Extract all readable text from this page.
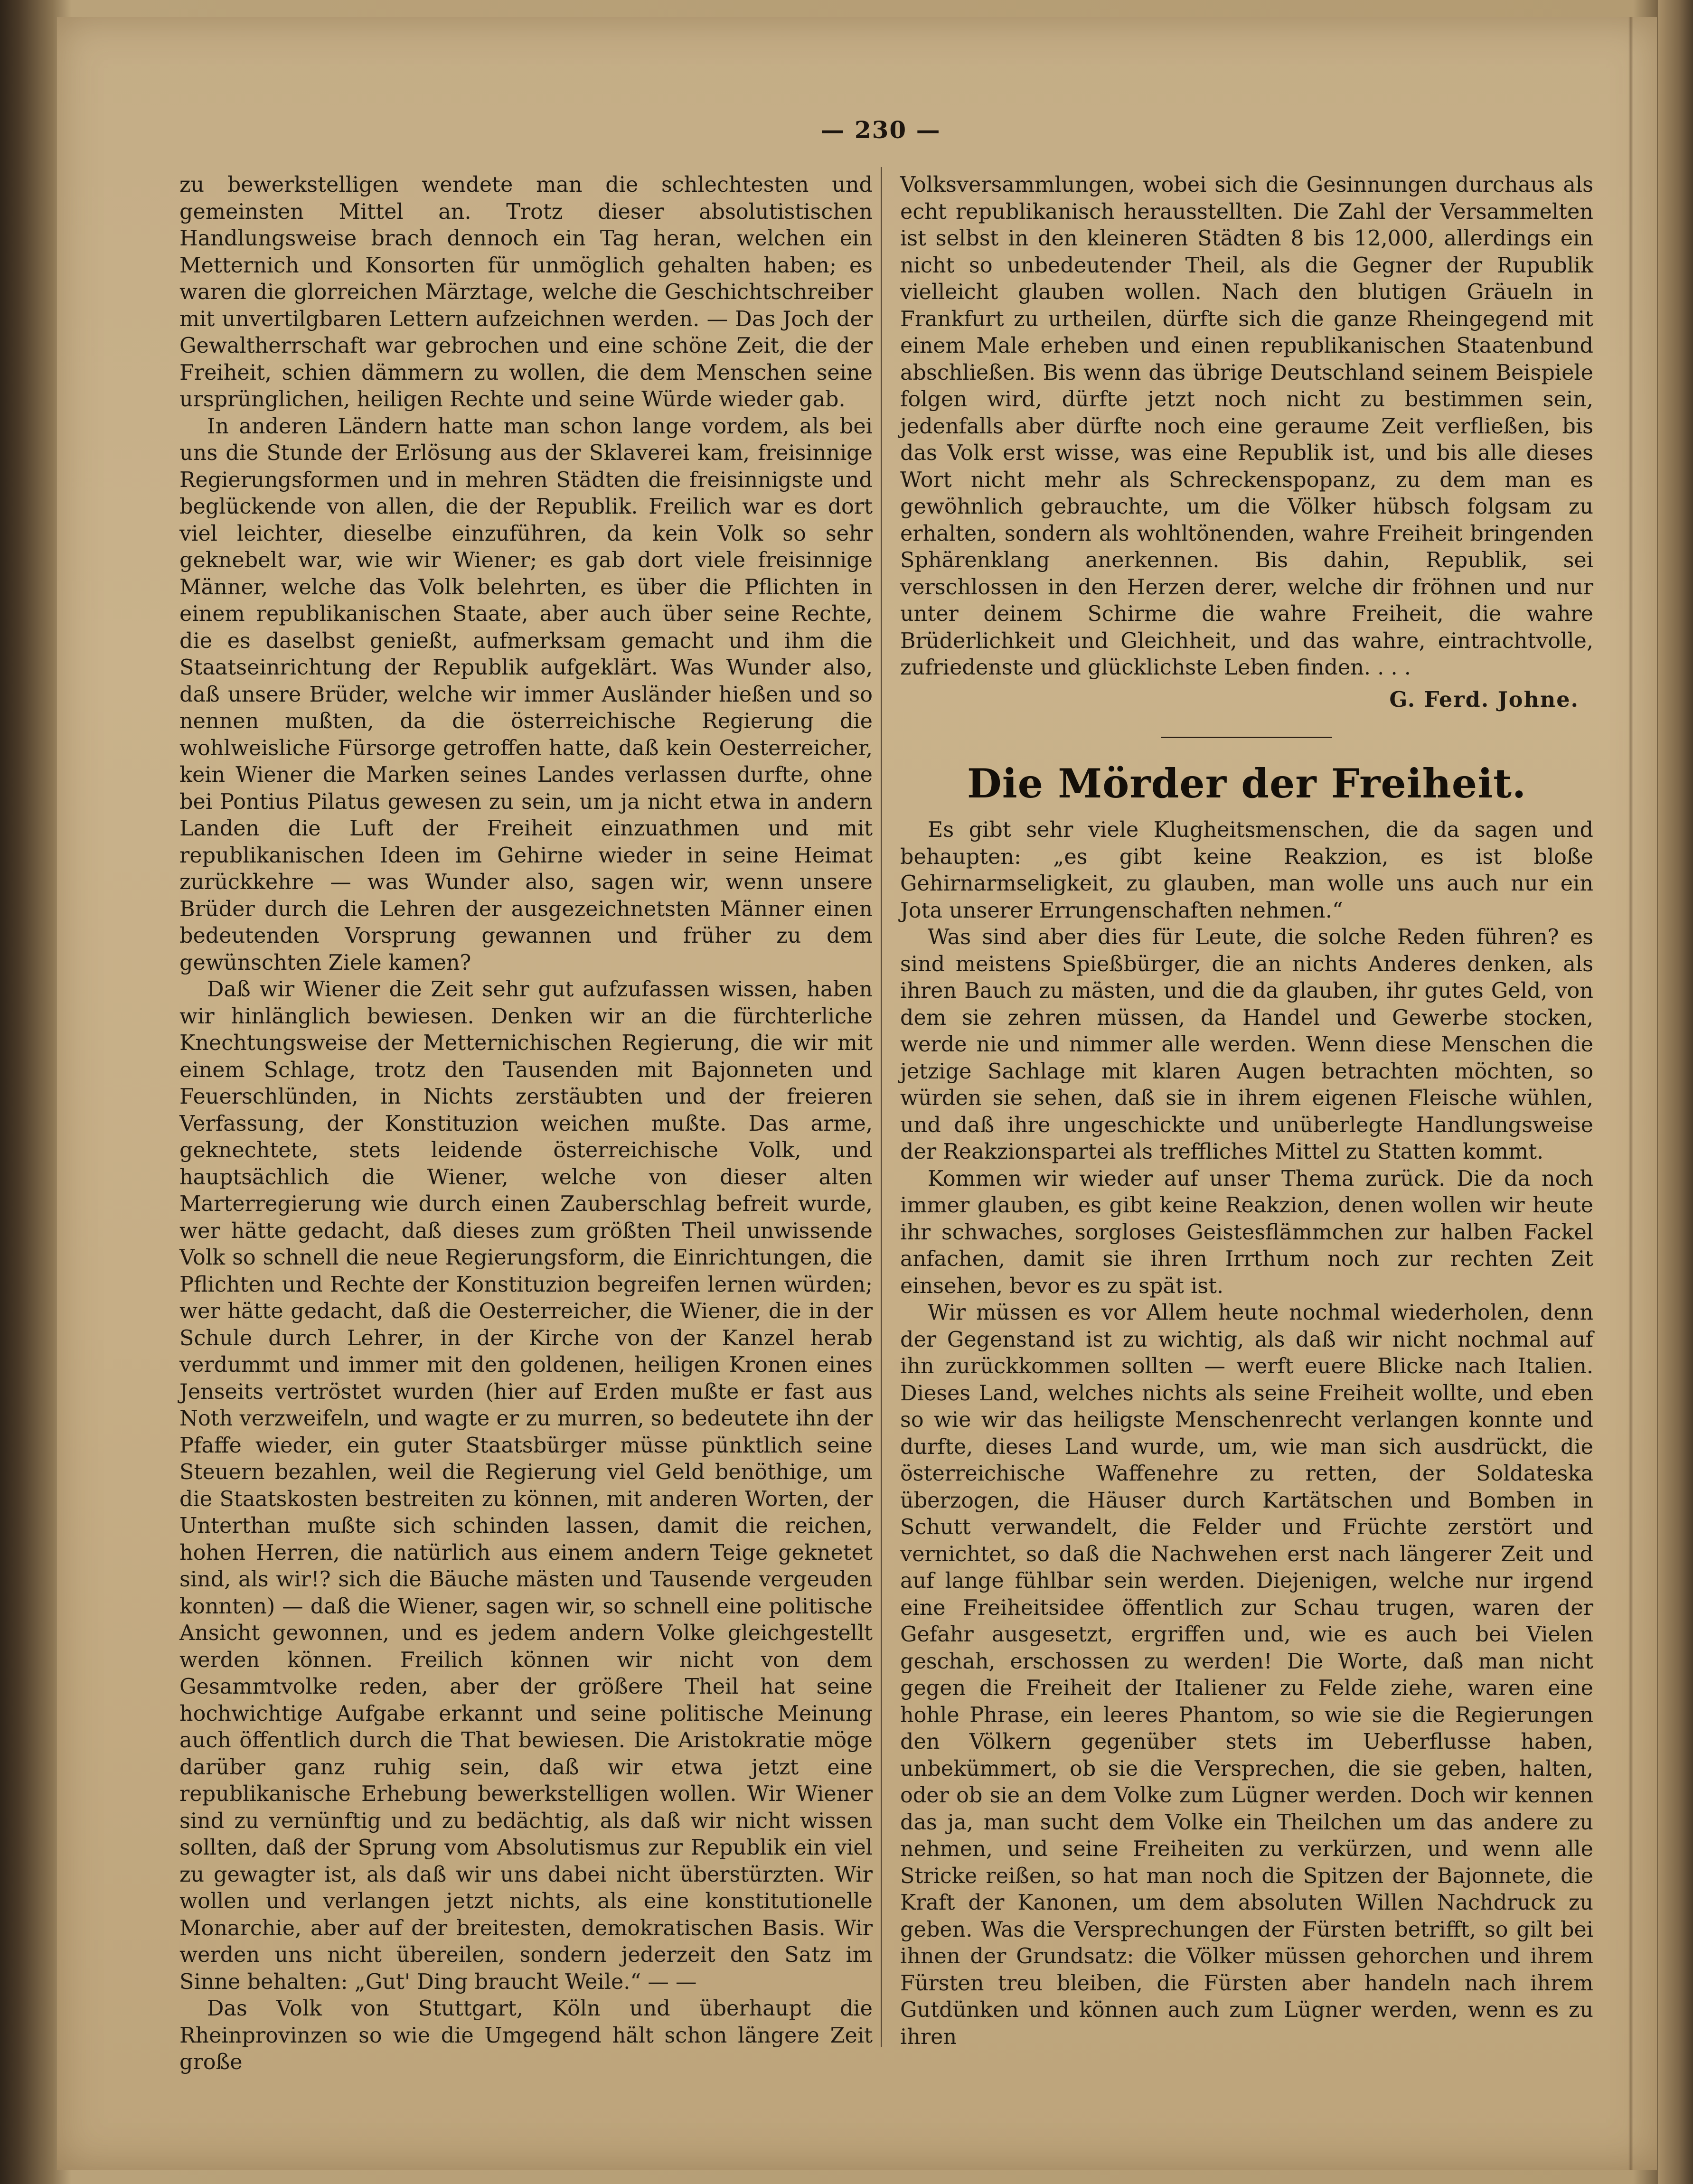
— 230 —

zu bewerkstelligen wendete man die schlechtesten und gemeinsten Mittel an. Trotz dieser absolutistischen Handlungsweise brach dennoch ein Tag heran, welchen ein Metternich und Konsorten für unmöglich gehalten haben; es waren die glorreichen Märztage, welche die Geschichtschreiber mit unvertilgbaren Lettern aufzeichnen werden. — Das Joch der Gewaltherrschaft war gebrochen und eine schöne Zeit, die der Freiheit, schien dämmern zu wollen, die dem Menschen seine ursprünglichen, heiligen Rechte und seine Würde wieder gab.

In anderen Ländern hatte man schon lange vordem, als bei uns die Stunde der Erlösung aus der Sklaverei kam, freisinnige Regierungsformen und in mehren Städten die freisinnigste und beglückende von allen, die der Republik. Freilich war es dort viel leichter, dieselbe einzuführen, da kein Volk so sehr geknebelt war, wie wir Wiener; es gab dort viele freisinnige Männer, welche das Volk belehrten, es über die Pflichten in einem republikanischen Staate, aber auch über seine Rechte, die es daselbst genießt, aufmerksam gemacht und ihm die Staatseinrichtung der Republik aufgeklärt. Was Wunder also, daß unsere Brüder, welche wir immer Ausländer hießen und so nennen mußten, da die österreichische Regierung die wohlweisliche Fürsorge getroffen hatte, daß kein Oesterreicher, kein Wiener die Marken seines Landes verlassen durfte, ohne bei Pontius Pilatus gewesen zu sein, um ja nicht etwa in andern Landen die Luft der Freiheit einzuathmen und mit republikanischen Ideen im Gehirne wieder in seine Heimat zurückkehre — was Wunder also, sagen wir, wenn unsere Brüder durch die Lehren der ausgezeichnetsten Männer einen bedeutenden Vorsprung gewannen und früher zu dem gewünschten Ziele kamen?

Daß wir Wiener die Zeit sehr gut aufzufassen wissen, haben wir hinlänglich bewiesen. Denken wir an die fürchterliche Knechtungsweise der Metternichischen Regierung, die wir mit einem Schlage, trotz den Tausenden mit Bajonneten und Feuerschlünden, in Nichts zerstäubten und der freieren Verfassung, der Konstituzion weichen mußte. Das arme, geknechtete, stets leidende österreichische Volk, und hauptsächlich die Wiener, welche von dieser alten Marterregierung wie durch einen Zauberschlag befreit wurde, wer hätte gedacht, daß dieses zum größten Theil unwissende Volk so schnell die neue Regierungsform, die Einrichtungen, die Pflichten und Rechte der Konstituzion begreifen lernen würden; wer hätte gedacht, daß die Oesterreicher, die Wiener, die in der Schule durch Lehrer, in der Kirche von der Kanzel herab verdummt und immer mit den goldenen, heiligen Kronen eines Jenseits vertröstet wurden (hier auf Erden mußte er fast aus Noth verzweifeln, und wagte er zu murren, so bedeutete ihn der Pfaffe wieder, ein guter Staatsbürger müsse pünktlich seine Steuern bezahlen, weil die Regierung viel Geld benöthige, um die Staatskosten bestreiten zu können, mit anderen Worten, der Unterthan mußte sich schinden lassen, damit die reichen, hohen Herren, die natürlich aus einem andern Teige geknetet sind, als wir!? sich die Bäuche mästen und Tausende vergeuden konnten) — daß die Wiener, sagen wir, so schnell eine politische Ansicht gewonnen, und es jedem andern Volke gleichgestellt werden können. Freilich können wir nicht von dem Gesammtvolke reden, aber der größere Theil hat seine hochwichtige Aufgabe erkannt und seine politische Meinung auch öffentlich durch die That bewiesen. Die Aristokratie möge darüber ganz ruhig sein, daß wir etwa jetzt eine republikanische Erhebung bewerkstelligen wollen. Wir Wiener sind zu vernünftig und zu bedächtig, als daß wir nicht wissen sollten, daß der Sprung vom Absolutismus zur Republik ein viel zu gewagter ist, als daß wir uns dabei nicht überstürzten. Wir wollen und verlangen jetzt nichts, als eine konstitutionelle Monarchie, aber auf der breitesten, demokratischen Basis. Wir werden uns nicht übereilen, sondern jederzeit den Satz im Sinne behalten: „Gut' Ding braucht Weile.“ — —

Das Volk von Stuttgart, Köln und überhaupt die Rheinprovinzen so wie die Umgegend hält schon längere Zeit große

Volksversammlungen, wobei sich die Gesinnungen durchaus als echt republikanisch herausstellten. Die Zahl der Versammelten ist selbst in den kleineren Städten 8 bis 12,000, allerdings ein nicht so unbedeutender Theil, als die Gegner der Rupublik vielleicht glauben wollen. Nach den blutigen Gräueln in Frankfurt zu urtheilen, dürfte sich die ganze Rheingegend mit einem Male erheben und einen republikanischen Staatenbund abschließen. Bis wenn das übrige Deutschland seinem Beispiele folgen wird, dürfte jetzt noch nicht zu bestimmen sein, jedenfalls aber dürfte noch eine geraume Zeit verfließen, bis das Volk erst wisse, was eine Republik ist, und bis alle dieses Wort nicht mehr als Schreckenspopanz, zu dem man es gewöhnlich gebrauchte, um die Völker hübsch folgsam zu erhalten, sondern als wohltönenden, wahre Freiheit bringenden Sphärenklang anerkennen. Bis dahin, Republik, sei verschlossen in den Herzen derer, welche dir fröhnen und nur unter deinem Schirme die wahre Freiheit, die wahre Brüderlichkeit und Gleichheit, und das wahre, eintrachtvolle, zufriedenste und glücklichste Leben finden. . . .

G. Ferd. Johne.
Die Mörder der Freiheit.

Es gibt sehr viele Klugheitsmenschen, die da sagen und behaupten: „es gibt keine Reakzion, es ist bloße Gehirnarmseligkeit, zu glauben, man wolle uns auch nur ein Jota unserer Errungenschaften nehmen.“

Was sind aber dies für Leute, die solche Reden führen? es sind meistens Spießbürger, die an nichts Anderes denken, als ihren Bauch zu mästen, und die da glauben, ihr gutes Geld, von dem sie zehren müssen, da Handel und Gewerbe stocken, werde nie und nimmer alle werden. Wenn diese Menschen die jetzige Sachlage mit klaren Augen betrachten möchten, so würden sie sehen, daß sie in ihrem eigenen Fleische wühlen, und daß ihre ungeschickte und unüberlegte Handlungsweise der Reakzionspartei als treffliches Mittel zu Statten kommt.

Kommen wir wieder auf unser Thema zurück. Die da noch immer glauben, es gibt keine Reakzion, denen wollen wir heute ihr schwaches, sorgloses Geistesflämmchen zur halben Fackel anfachen, damit sie ihren Irrthum noch zur rechten Zeit einsehen, bevor es zu spät ist.

Wir müssen es vor Allem heute nochmal wiederholen, denn der Gegenstand ist zu wichtig, als daß wir nicht nochmal auf ihn zurückkommen sollten — werft euere Blicke nach Italien. Dieses Land, welches nichts als seine Freiheit wollte, und eben so wie wir das heiligste Menschenrecht verlangen konnte und durfte, dieses Land wurde, um, wie man sich ausdrückt, die österreichische Waffenehre zu retten, der Soldateska überzogen, die Häuser durch Kartätschen und Bomben in Schutt verwandelt, die Felder und Früchte zerstört und vernichtet, so daß die Nachwehen erst nach längerer Zeit und auf lange fühlbar sein werden. Diejenigen, welche nur irgend eine Freiheitsidee öffentlich zur Schau trugen, waren der Gefahr ausgesetzt, ergriffen und, wie es auch bei Vielen geschah, erschossen zu werden! Die Worte, daß man nicht gegen die Freiheit der Italiener zu Felde ziehe, waren eine hohle Phrase, ein leeres Phantom, so wie sie die Regierungen den Völkern gegenüber stets im Ueberflusse haben, unbekümmert, ob sie die Versprechen, die sie geben, halten, oder ob sie an dem Volke zum Lügner werden. Doch wir kennen das ja, man sucht dem Volke ein Theilchen um das andere zu nehmen, und seine Freiheiten zu verkürzen, und wenn alle Stricke reißen, so hat man noch die Spitzen der Bajonnete, die Kraft der Kanonen, um dem absoluten Willen Nachdruck zu geben. Was die Versprechungen der Fürsten betrifft, so gilt bei ihnen der Grundsatz: die Völker müssen gehorchen und ihrem Fürsten treu bleiben, die Fürsten aber handeln nach ihrem Gutdünken und können auch zum Lügner werden, wenn es zu ihren
